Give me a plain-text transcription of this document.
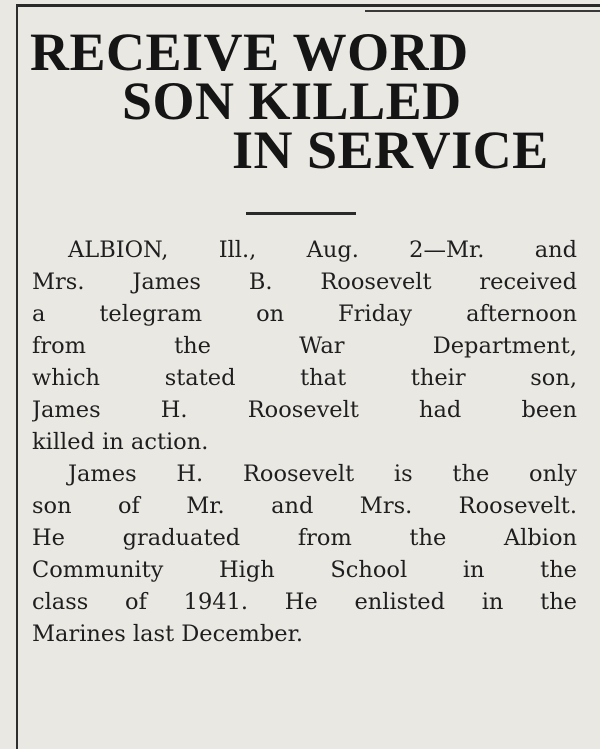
RECEIVE WORD
SON KILLED
IN SERVICE
ALBION, Ill., Aug. 2—Mr. and
Mrs. James B. Roosevelt received
a telegram on Friday afternoon
from the War Department,
which stated that their son,
James H. Roosevelt had been
killed in action.
James H. Roosevelt is the only
son of Mr. and Mrs. Roosevelt.
He graduated from the Albion
Community High School in the
class of 1941. He enlisted in the
Marines last December.
